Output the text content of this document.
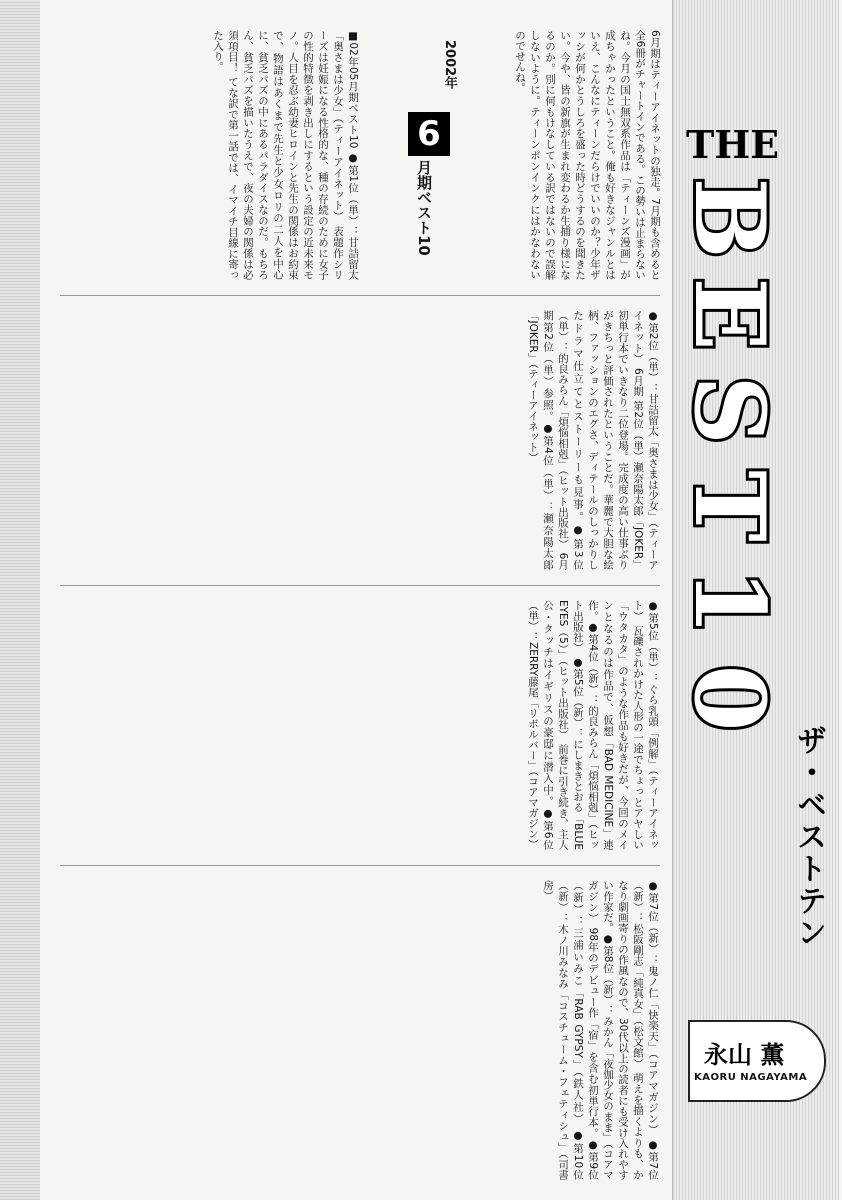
THE
B
E
S
T
1
0
ザ・ベストテン
永山 薫
KAORU NAGAYAMA
2002年
6
月期ベスト10	6月期はティーアイネットの独走。7月期も含めると全6冊がチャートインである。この勢いは止まらないね。今月の国士無双系作品は「ティーンズ漫画」が成ちゃかったということ。俺も好きなジャンルとはいえ、こんなにティーンだらけでいいのか？少年ザッシが何かとうしろを盛った時どうするのを聞きたい。今や、皆の新旗が生まれ変わるか生捕り様になるのか。別に何もけなしている訳ではないので誤解しないように。ティーンポンインクにはかなわないのでせんね。
■02年05月期ベスト10 ●第1位（単）：甘詰留太「奥さまは少女」（ティーアイネット） 表題作シリーズは妊娠になる性格的な、種の存続のために女子の性的特徴を剥き出しにするという設定の近未来モノ。人目を忍ぶ幼妻ヒロインと先生の関係はお約束で、物語はあくまで先生と少女ロリの二人を中心に、貧乏パズの中にあるパラダイスなのだ。もちろん、貧乏パズを描いたうえで、夜の夫婦の関係は必須項目！ てな訳で第一話では、イマイチ目線に寄った入り。
●第2位（単）：甘詰留太「奥さまは少女」（ティーアイネット） 6月期 第2位（単）瀬奈陽太郎「JOKER」 初単行本でいきなり二位登場。完成度の高い仕事ぶりがきちっと評価されたということだ。華麗で大胆な絵柄、ファッションのエグさ、ディテールのしっかりしたドラマ仕立てとストーリーも見事。●第3位（単）：的良みらん「煩悩相剋」（ヒット出版社） 6月期第2位（単）参照。●第4位（単）：瀬奈陽太郎「JOKER」（ティーアイネット）
●第5位（単）：ぐら乳頭「例解」（ティーアイネット） 瓦礫されかけた人形の一途でちょっとアヤしい「ウタカタ」のような作品も好きだが、今回のメインとなるのは作品で、仮想「BAD MEDICINE」連作。●第4位（新）：的良みらん「煩悩相剋」（ヒット出版社） ●第5位（新）：にしまきとおる「BLUE EYES（5）」（ヒット出版社） 前巻に引き続き、主人公・タッチはイギリスの豪邸に潜入中。●第6位（単）：ZERRY藤尾「リボルバー」（コアマガジン）
●第7位（新）：鬼ノ仁「快楽天」（コアマガジン） ●第7位（新）：松阪剛志「純真女」（松文館） 萌えを描くよりも、かなり劇画寄りの作風なので、30代以上の読者にも受け入れやすい作家だ。●第8位（新）：みかん「夜伽少女のまま」（コアマガジン） 98年のデビュー作「宿」を含む初単行本。●第9位（新）：三浦いみこ「RAB GYPSY」（鉄人社） ●第10位（新）：木ノ川みなみ「コスチューム・フェティシュ」（司書房）
